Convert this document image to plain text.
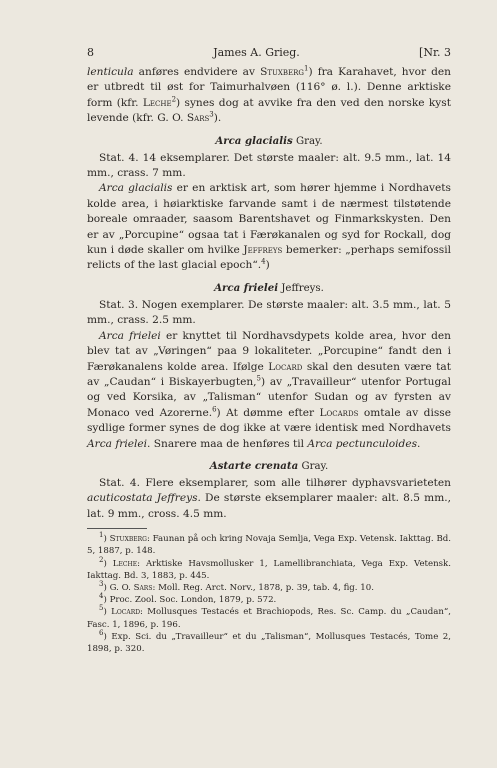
8	James A. Grieg.	[Nr. 3

lenticula anføres endvidere av Stuxberg$^1$) fra Karahavet, hvor den er utbredt til øst for Taimurhalvøen (116° ø. l.). Denne arktiske form (kfr. Leche$^2$) synes dog at avvike fra den ved den norske kyst levende (kfr. G. O. Sars$^3$).

Arca glacialis Gray.

Stat. 4. 14 eksemplarer. Det største maaler: alt. 9.5 mm., lat. 14 mm., crass. 7 mm.

Arca glacialis er en arktisk art, som hører hjemme i Nordhavets kolde area, i høiarktiske farvande samt i de nærmest tilstøtende boreale omraader, saasom Barentshavet og Finmarkskysten. Den er av „Porcupine“ ogsaa tat i Færøkanalen og syd for Rockall, dog kun i døde skaller om hvilke Jeffreys bemerker: „perhaps semifossil relicts of the last glacial epoch“.$^4$)

Arca frielei Jeffreys.

Stat. 3. Nogen exemplarer. De største maaler: alt. 3.5 mm., lat. 5 mm., crass. 2.5 mm.

Arca frielei er knyttet til Nordhavsdypets kolde area, hvor den blev tat av „Vøringen“ paa 9 lokaliteter. „Porcupine“ fandt den i Færøkanalens kolde area. Ifølge Locard skal den desuten være tat av „Caudan“ i Biskayerbugten,$^5$) av „Travailleur“ utenfor Portugal og ved Korsika, av „Talisman“ utenfor Sudan og av fyrsten av Monaco ved Azorerne.$^6$) At dømme efter Locards omtale av disse sydlige former synes de dog ikke at være identisk med Nordhavets Arca frielei. Snarere maa de henføres til Arca pectunculoides.

Astarte crenata Gray.

Stat. 4. Flere eksemplarer, som alle tilhører dyphavsvarieteten acuticostata Jeffreys. De største eksemplarer maaler: alt. 8.5 mm., lat. 9 mm., cross. 4.5 mm.

$^1$) Stuxberg: Faunan på och kring Novaja Semlja, Vega Exp. Vetensk. Iakttag. Bd. 5, 1887, p. 148.

$^2$) Leche: Arktiske Havsmollusker 1, Lamellibranchiata, Vega Exp. Vetensk. Iakttag. Bd. 3, 1883, p. 445.

$^3$) G. O. Sars: Moll. Reg. Arct. Norv., 1878, p. 39, tab. 4, fig. 10.

$^4$) Proc. Zool. Soc. London, 1879, p. 572.

$^5$) Locard: Mollusques Testacés et Brachiopods, Res. Sc. Camp. du „Caudan“, Fasc. 1, 1896, p. 196.

$^6$) Exp. Sci. du „Travailleur“ et du „Talisman“, Mollusques Testacés, Tome 2, 1898, p. 320.
